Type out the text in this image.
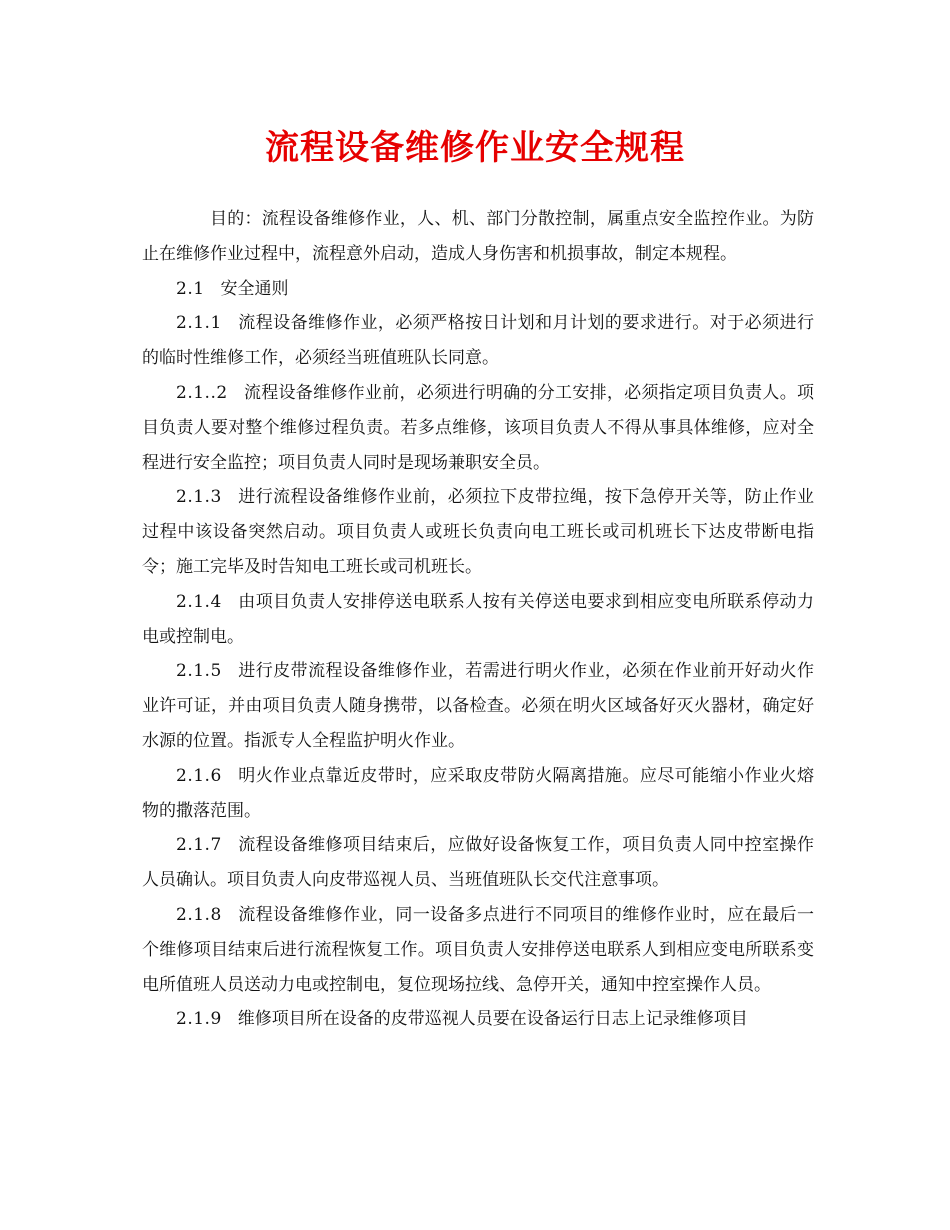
流程设备维修作业安全规程

目的：流程设备维修作业，人、机、部门分散控制，属重点安全监控作业。为防止在维修作业过程中，流程意外启动，造成人身伤害和机损事故，制定本规程。

2.1 安全通则

2.1.1 流程设备维修作业，必须严格按日计划和月计划的要求进行。对于必须进行的临时性维修工作，必须经当班值班队长同意。

2.1..2 流程设备维修作业前，必须进行明确的分工安排，必须指定项目负责人。项目负责人要对整个维修过程负责。若多点维修，该项目负责人不得从事具体维修，应对全程进行安全监控；项目负责人同时是现场兼职安全员。

2.1.3 进行流程设备维修作业前，必须拉下皮带拉绳，按下急停开关等，防止作业过程中该设备突然启动。项目负责人或班长负责向电工班长或司机班长下达皮带断电指令；施工完毕及时告知电工班长或司机班长。

2.1.4 由项目负责人安排停送电联系人按有关停送电要求到相应变电所联系停动力电或控制电。

2.1.5 进行皮带流程设备维修作业，若需进行明火作业，必须在作业前开好动火作业许可证，并由项目负责人随身携带，以备检查。必须在明火区域备好灭火器材，确定好水源的位置。指派专人全程监护明火作业。

2.1.6 明火作业点靠近皮带时，应采取皮带防火隔离措施。应尽可能缩小作业火熔物的撒落范围。

2.1.7 流程设备维修项目结束后，应做好设备恢复工作，项目负责人同中控室操作人员确认。项目负责人向皮带巡视人员、当班值班队长交代注意事项。

2.1.8 流程设备维修作业，同一设备多点进行不同项目的维修作业时，应在最后一个维修项目结束后进行流程恢复工作。项目负责人安排停送电联系人到相应变电所联系变电所值班人员送动力电或控制电，复位现场拉线、急停开关，通知中控室操作人员。

2.1.9 维修项目所在设备的皮带巡视人员要在设备运行日志上记录维修项目
